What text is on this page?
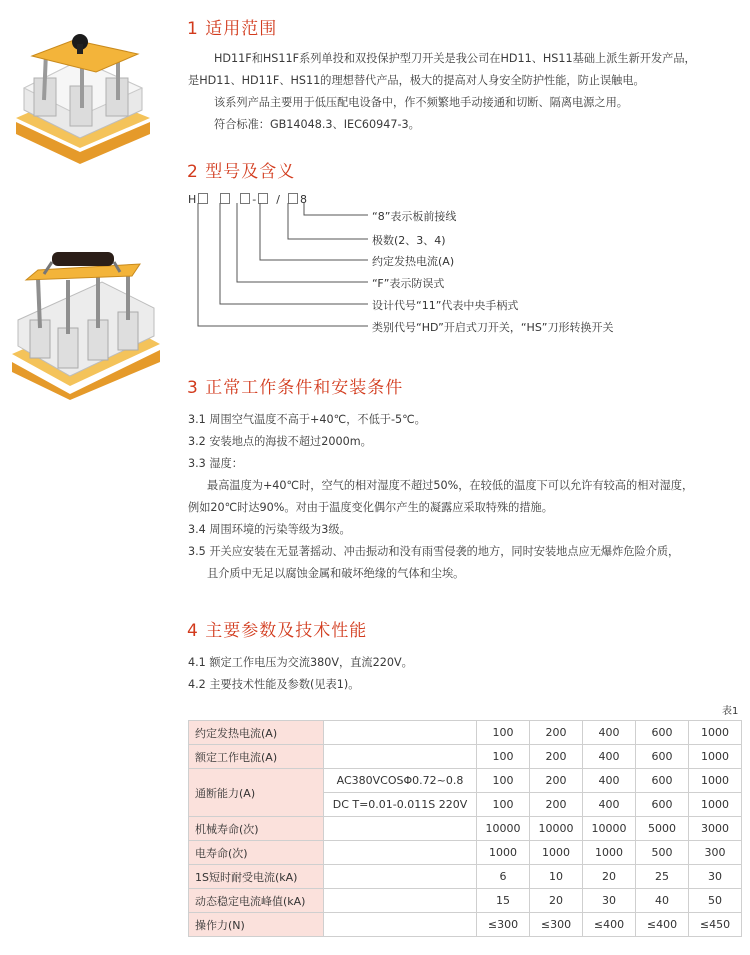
1 适用范围
HD11F和HS11F系列单投和双投保护型刀开关是我公司在HD11、HS11基础上派生新开发产品，
是HD11、HD11F、HS11的理想替代产品，极大的提高对人身安全防护性能，防止误触电。
该系列产品主要用于低压配电设备中，作不频繁地手动接通和切断、隔离电源之用。
符合标准：GB14048.3、IEC60947-3。
2 型号及含义
H	- / 8
“8”表示板前接线
极数(2、3、4)
约定发热电流(A)
“F”表示防误式
设计代号“11”代表中央手柄式
类别代号“HD”开启式刀开关，“HS”刀形转换开关
3 正常工作条件和安装条件
3.1 周围空气温度不高于+40℃，不低于-5℃。
3.2 安装地点的海拔不超过2000m。
3.3 湿度：
最高温度为+40℃时，空气的相对湿度不超过50%，在较低的温度下可以允许有较高的相对湿度，
例如20℃时达90%。对由于温度变化偶尔产生的凝露应采取特殊的措施。
3.4 周围环境的污染等级为3级。
3.5 开关应安装在无显著摇动、冲击振动和没有雨雪侵袭的地方，同时安装地点应无爆炸危险介质，
且介质中无足以腐蚀金属和破坏绝缘的气体和尘埃。
4 主要参数及技术性能
4.1 额定工作电压为交流380V，直流220V。
4.2 主要技术性能及参数(见表1)。
表1
约定发热电流(A)		100	200	400	600	1000
额定工作电流(A)		100	200	400	600	1000
通断能力(A)	AC380VCOSΦ0.72~0.8	100	200	400	600	1000
	DC T=0.01-0.011S 220V	100	200	400	600	1000
机械寿命(次)		10000	10000	10000	5000	3000
电寿命(次)		1000	1000	1000	500	300
1S短时耐受电流(kA)		6	10	20	25	30
动态稳定电流峰值(kA)		15	20	30	40	50
操作力(N)		≤300	≤300	≤400	≤400	≤450
